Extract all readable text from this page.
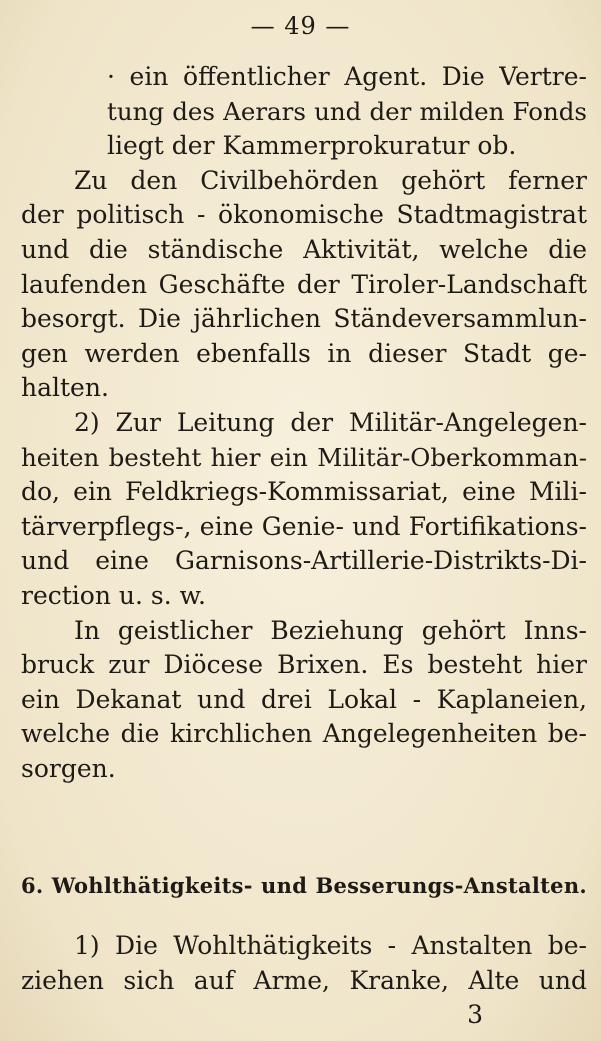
— 49 —
· ein öffentlicher Agent. Die Vertre-
tung des Aerars und der milden Fonds
liegt der Kammerprokuratur ob.
Zu den Civilbehörden gehört ferner
der politisch - ökonomische Stadtmagistrat
und die ständische Aktivität, welche die
laufenden Geschäfte der Tiroler-Landschaft
besorgt. Die jährlichen Ständeversammlun-
gen werden ebenfalls in dieser Stadt ge-
halten.
2) Zur Leitung der Militär-Angelegen-
heiten besteht hier ein Militär-Oberkomman-
do, ein Feldkriegs-Kommissariat, eine Mili-
tärverpflegs-, eine Genie- und Fortifikations-
und eine Garnisons-Artillerie-Distrikts-Di-
rection u. s. w.
In geistlicher Beziehung gehört Inns-
bruck zur Diöcese Brixen. Es besteht hier
ein Dekanat und drei Lokal - Kaplaneien,
welche die kirchlichen Angelegenheiten be-
sorgen.
6. Wohlthätigkeits- und Besserungs-Anstalten.
1) Die Wohlthätigkeits - Anstalten be-
ziehen sich auf Arme, Kranke, Alte und
3
